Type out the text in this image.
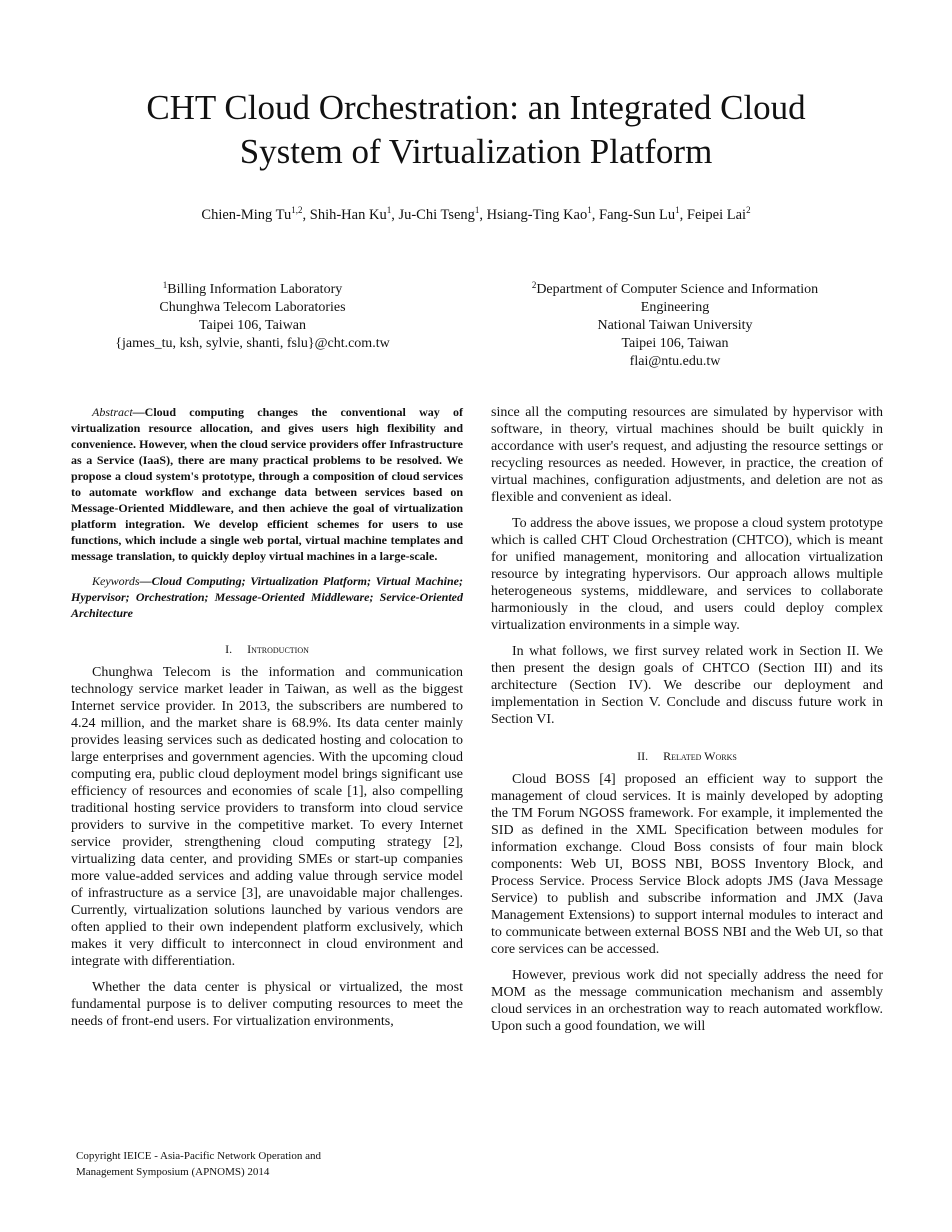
CHT Cloud Orchestration: an Integrated Cloud
System of Virtualization Platform
Chien-Ming Tu$^{1,2}$, Shih-Han Ku$^1$, Ju-Chi Tseng$^1$, Hsiang-Ting Kao$^1$, Fang-Sun Lu$^1$, Feipei Lai$^2$
$^1$Billing Information Laboratory
Chunghwa Telecom Laboratories
Taipei 106, Taiwan
{james_tu, ksh, sylvie, shanti, fslu}@cht.com.tw
$^2$Department of Computer Science and Information
Engineering
National Taiwan University
Taipei 106, Taiwan
flai@ntu.edu.tw
Abstract—Cloud computing changes the conventional way of virtualization resource allocation, and gives users high flexibility and convenience. However, when the cloud service providers offer Infrastructure as a Service (IaaS), there are many practical problems to be resolved. We propose a cloud system's prototype, through a composition of cloud services to automate workflow and exchange data between services based on Message-Oriented Middleware, and then achieve the goal of virtualization platform integration. We develop efficient schemes for users to use functions, which include a single web portal, virtual machine templates and message translation, to quickly deploy virtual machines in a large-scale.
Keywords—Cloud Computing; Virtualization Platform; Virtual Machine; Hypervisor; Orchestration; Message-Oriented Middleware; Service-Oriented Architecture

I. Introduction

Chunghwa Telecom is the information and communication technology service market leader in Taiwan, as well as the biggest Internet service provider. In 2013, the subscribers are numbered to 4.24 million, and the market share is 68.9%. Its data center mainly provides leasing services such as dedicated hosting and colocation to large enterprises and government agencies. With the upcoming cloud computing era, public cloud deployment model brings significant use efficiency of resources and economies of scale [1], also compelling traditional hosting service providers to transform into cloud service providers to survive in the competitive market. To every Internet service provider, strengthening cloud computing strategy [2], virtualizing data center, and providing SMEs or start-up companies more value-added services and adding value through service model of infrastructure as a service [3], are unavoidable major challenges. Currently, virtualization solutions launched by various vendors are often applied to their own independent platform exclusively, which makes it very difficult to interconnect in cloud environment and integrate with differentiation.

Whether the data center is physical or virtualized, the most fundamental purpose is to deliver computing resources to meet the needs of front-end users. For virtualization environments,

since all the computing resources are simulated by hypervisor with software, in theory, virtual machines should be built quickly in accordance with user's request, and adjusting the resource settings or recycling resources as needed. However, in practice, the creation of virtual machines, configuration adjustments, and deletion are not as flexible and convenient as ideal.

To address the above issues, we propose a cloud system prototype which is called CHT Cloud Orchestration (CHTCO), which is meant for unified management, monitoring and allocation virtualization resource by integrating hypervisors. Our approach allows multiple heterogeneous systems, middleware, and services to collaborate harmoniously in the cloud, and users could deploy complex virtualization environments in a simple way.

In what follows, we first survey related work in Section II. We then present the design goals of CHTCO (Section III) and its architecture (Section IV). We describe our deployment and implementation in Section V. Conclude and discuss future work in Section VI.

II. Related Works

Cloud BOSS [4] proposed an efficient way to support the management of cloud services. It is mainly developed by adopting the TM Forum NGOSS framework. For example, it implemented the SID as defined in the XML Specification between modules for information exchange. Cloud Boss consists of four main block components: Web UI, BOSS NBI, BOSS Inventory Block, and Process Service. Process Service Block adopts JMS (Java Message Service) to publish and subscribe information and JMX (Java Management Extensions) to support internal modules to interact and to communicate between external BOSS NBI and the Web UI, so that core services can be accessed.

However, previous work did not specially address the need for MOM as the message communication mechanism and assembly cloud services in an orchestration way to reach automated workflow. Upon such a good foundation, we will

Copyright IEICE - Asia-Pacific Network Operation and
Management Symposium (APNOMS) 2014
